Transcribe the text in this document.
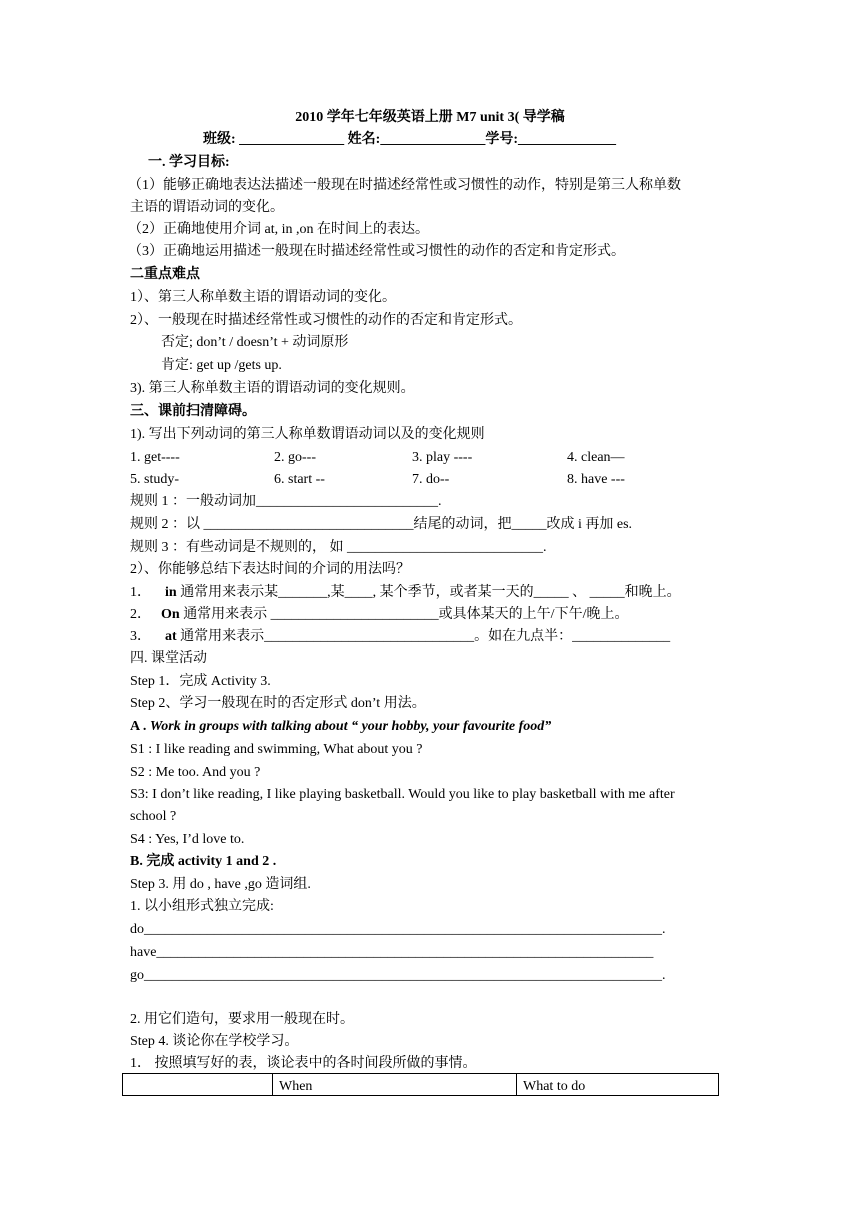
2010 学年七年级英语上册 M7 unit 3( 导学稿
班级: _______________ 姓名:_______________学号:______________
一. 学习目标:
（1）能够正确地表达法描述一般现在时描述经常性或习惯性的动作，特别是第三人称单数
主语的谓语动词的变化。
（2）正确地使用介词 at, in ,on 在时间上的表达。
（3）正确地运用描述一般现在时描述经常性或习惯性的动作的否定和肯定形式。
二重点难点
1）、第三人称单数主语的谓语动词的变化。
2）、一般现在时描述经常性或习惯性的动作的否定和肯定形式。
否定; don’t / doesn’t + 动词原形
肯定: get up /gets up.
3). 第三人称单数主语的谓语动词的变化规则。
三、课前扫清障碍。
1). 写出下列动词的第三人称单数谓语动词以及的变化规则
1. get----	2. go---	3. play ----	4. clean—
5. study-	6. start --	7. do--	8. have ---
规则 1 ：一般动词加__________________________.
规则 2 ：以 ______________________________结尾的动词，把_____改成 i 再加 es.
规则 3 ：有些动词是不规则的， 如 ____________________________.
2）、你能够总结下表达时间的介词的用法吗？
1． in 通常用来表示某_______,某____, 某个季节，或者某一天的_____ 、 _____和晚上。
2． On 通常用来表示 ________________________或具体某天的上午/下午/晚上。
3． at 通常用来表示______________________________。如在九点半：______________
四. 课堂活动
Step 1．完成 Activity 3.
Step 2、学习一般现在时的否定形式 don’t 用法。
A . Work in groups with talking about “ your hobby, your favourite food”
S1 : I like reading and swimming, What about you ?
S2 : Me too. And you ?
S3: I don’t like reading, I like playing basketball. Would you like to play basketball with me after
school ?
S4 : Yes, I’d love to.
B. 完成 activity 1 and 2 .
Step 3. 用 do , have ,go 造词组.
1. 以小组形式独立完成:
do__________________________________________________________________________.
have_______________________________________________________________________
go__________________________________________________________________________.
2. 用它们造句，要求用一般现在时。
Step 4. 谈论你在学校学习。
1． 按照填写好的表，谈论表中的各时间段所做的事情。
	When	What to do
